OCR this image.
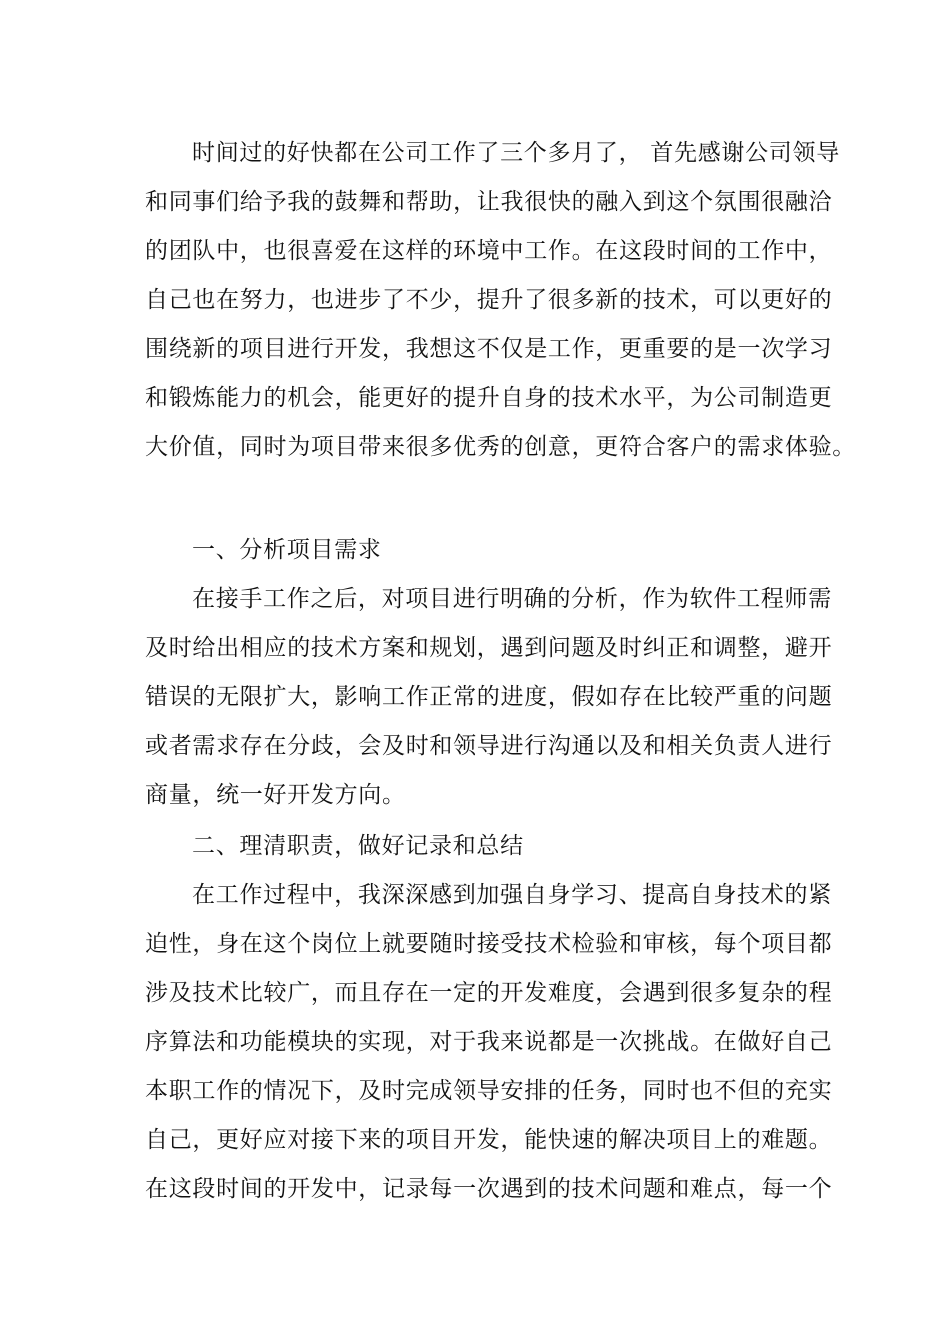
时间过的好快都在公司工作了三个多月了， 首先感谢公司领导
和同事们给予我的鼓舞和帮助，让我很快的融入到这个氛围很融洽
的团队中，也很喜爱在这样的环境中工作。在这段时间的工作中，
自己也在努力，也进步了不少，提升了很多新的技术，可以更好的
围绕新的项目进行开发，我想这不仅是工作，更重要的是一次学习
和锻炼能力的机会，能更好的提升自身的技术水平，为公司制造更
大价值，同时为项目带来很多优秀的创意，更符合客户的需求体验。
一、分析项目需求
在接手工作之后，对项目进行明确的分析，作为软件工程师需
及时给出相应的技术方案和规划，遇到问题及时纠正和调整，避开
错误的无限扩大，影响工作正常的进度，假如存在比较严重的问题
或者需求存在分歧，会及时和领导进行沟通以及和相关负责人进行
商量，统一好开发方向。
二、理清职责，做好记录和总结
在工作过程中，我深深感到加强自身学习、提高自身技术的紧
迫性，身在这个岗位上就要随时接受技术检验和审核，每个项目都
涉及技术比较广，而且存在一定的开发难度，会遇到很多复杂的程
序算法和功能模块的实现，对于我来说都是一次挑战。在做好自己
本职工作的情况下，及时完成领导安排的任务，同时也不但的充实
自己，更好应对接下来的项目开发，能快速的解决项目上的难题。
在这段时间的开发中，记录每一次遇到的技术问题和难点，每一个
